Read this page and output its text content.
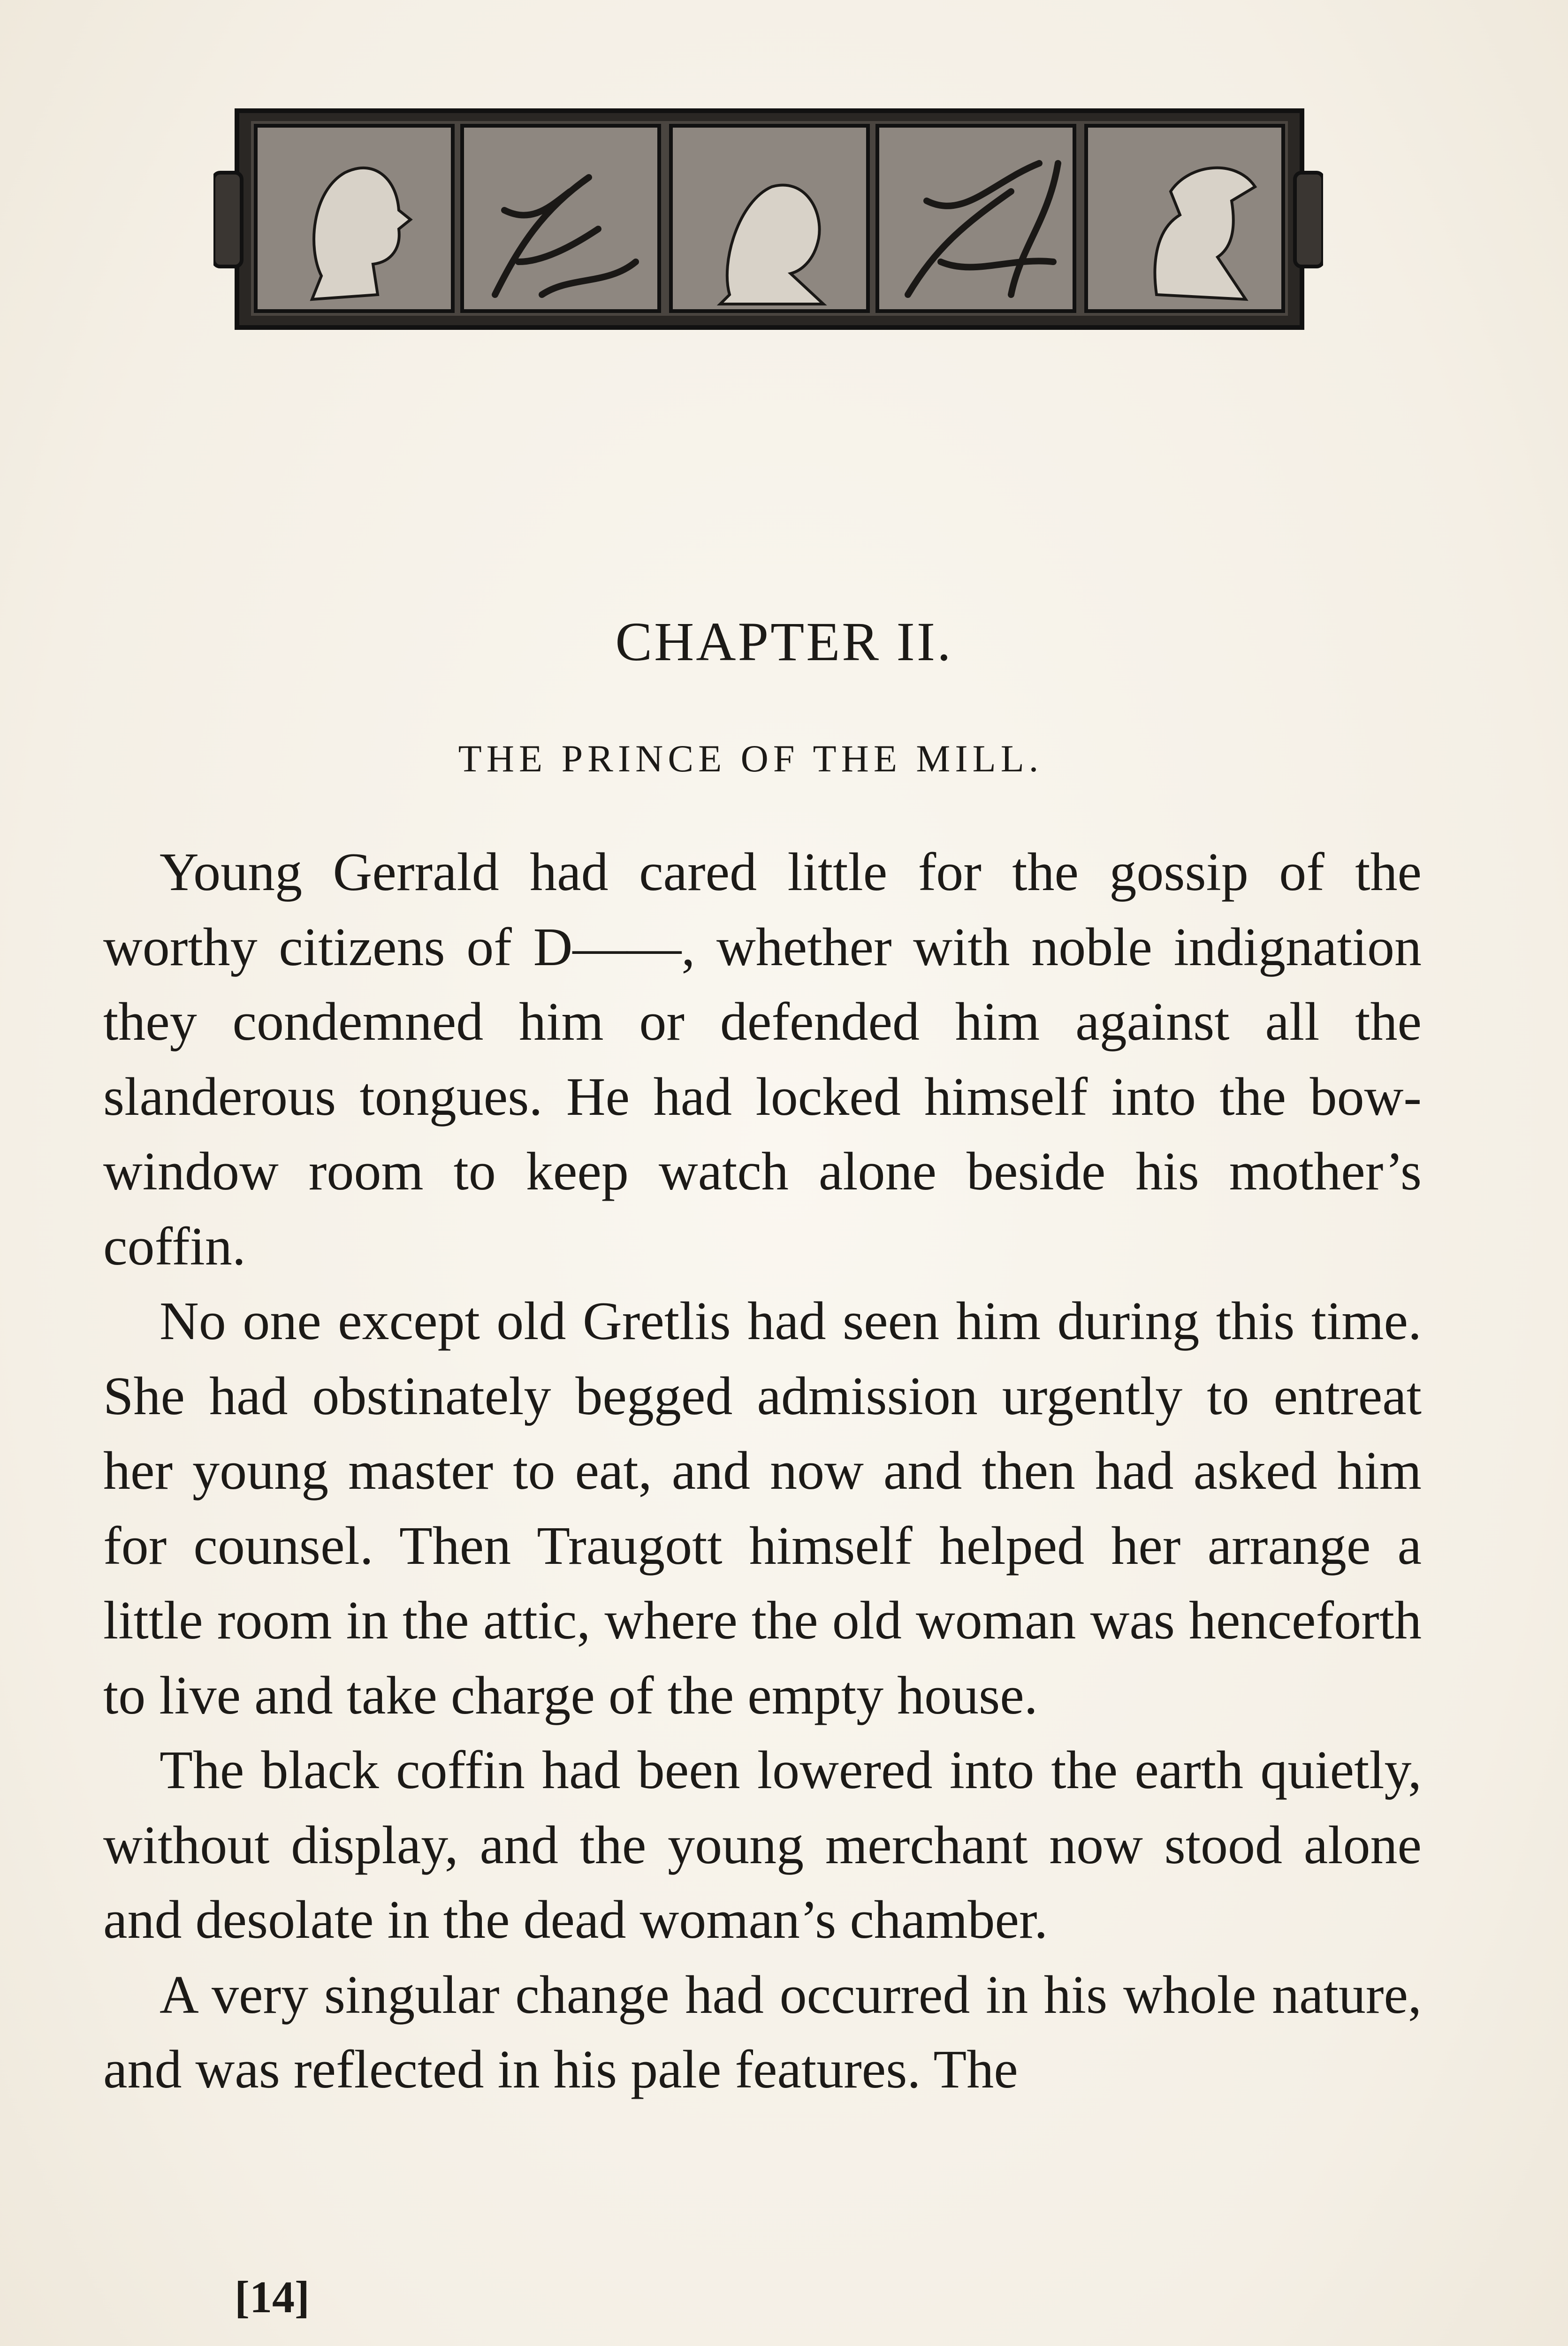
CHAPTER II.
THE PRINCE OF THE MILL.

Young Gerrald had cared little for the gossip of the worthy citizens of D——, whether with noble indignation they condemned him or defended him against all the slanderous tongues. He had locked himself into the bow-window room to keep watch alone beside his mother’s coffin.

No one except old Gretlis had seen him during this time. She had obstinately begged admission urgently to entreat her young master to eat, and now and then had asked him for counsel. Then Traugott himself helped her arrange a little room in the attic, where the old woman was henceforth to live and take charge of the empty house.

The black coffin had been lowered into the earth quietly, without display, and the young merchant now stood alone and desolate in the dead woman’s chamber.

A very singular change had occurred in his whole nature, and was reflected in his pale features. The

[14]
